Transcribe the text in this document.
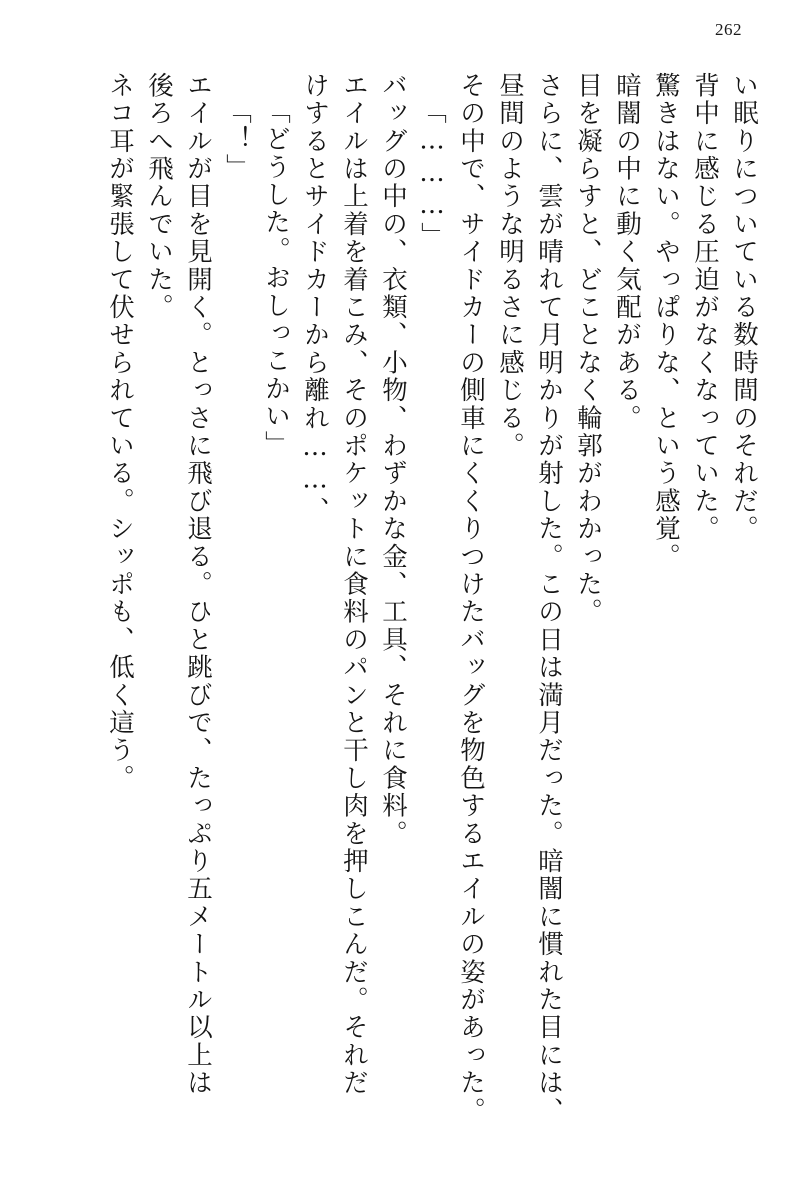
262
い眠りについている数時間のそれだ。
背中に感じる圧迫がなくなっていた。
驚きはない。やっぱりな、という感覚。
暗闇の中に動く気配がある。
目を凝らすと、どことなく輪郭がわかった。
さらに、雲が晴れて月明かりが射した。この日は満月だった。暗闇に慣れた目には、
昼間のような明るさに感じる。
その中で、サイドカーの側車にくくりつけたバッグを物色するエイルの姿があった。
「………」
バッグの中の、衣類、小物、わずかな金、工具、それに食料。
エイルは上着を着こみ、そのポケットに食料のパンと干し肉を押しこんだ。それだ
けするとサイドカーから離れ……、
「どうした。おしっこかい」
「！」
エイルが目を見開く。とっさに飛び退る。ひと跳びで、たっぷり五メートル以上は
後ろへ飛んでいた。
ネコ耳が緊張して伏せられている。シッポも、低く這う。
